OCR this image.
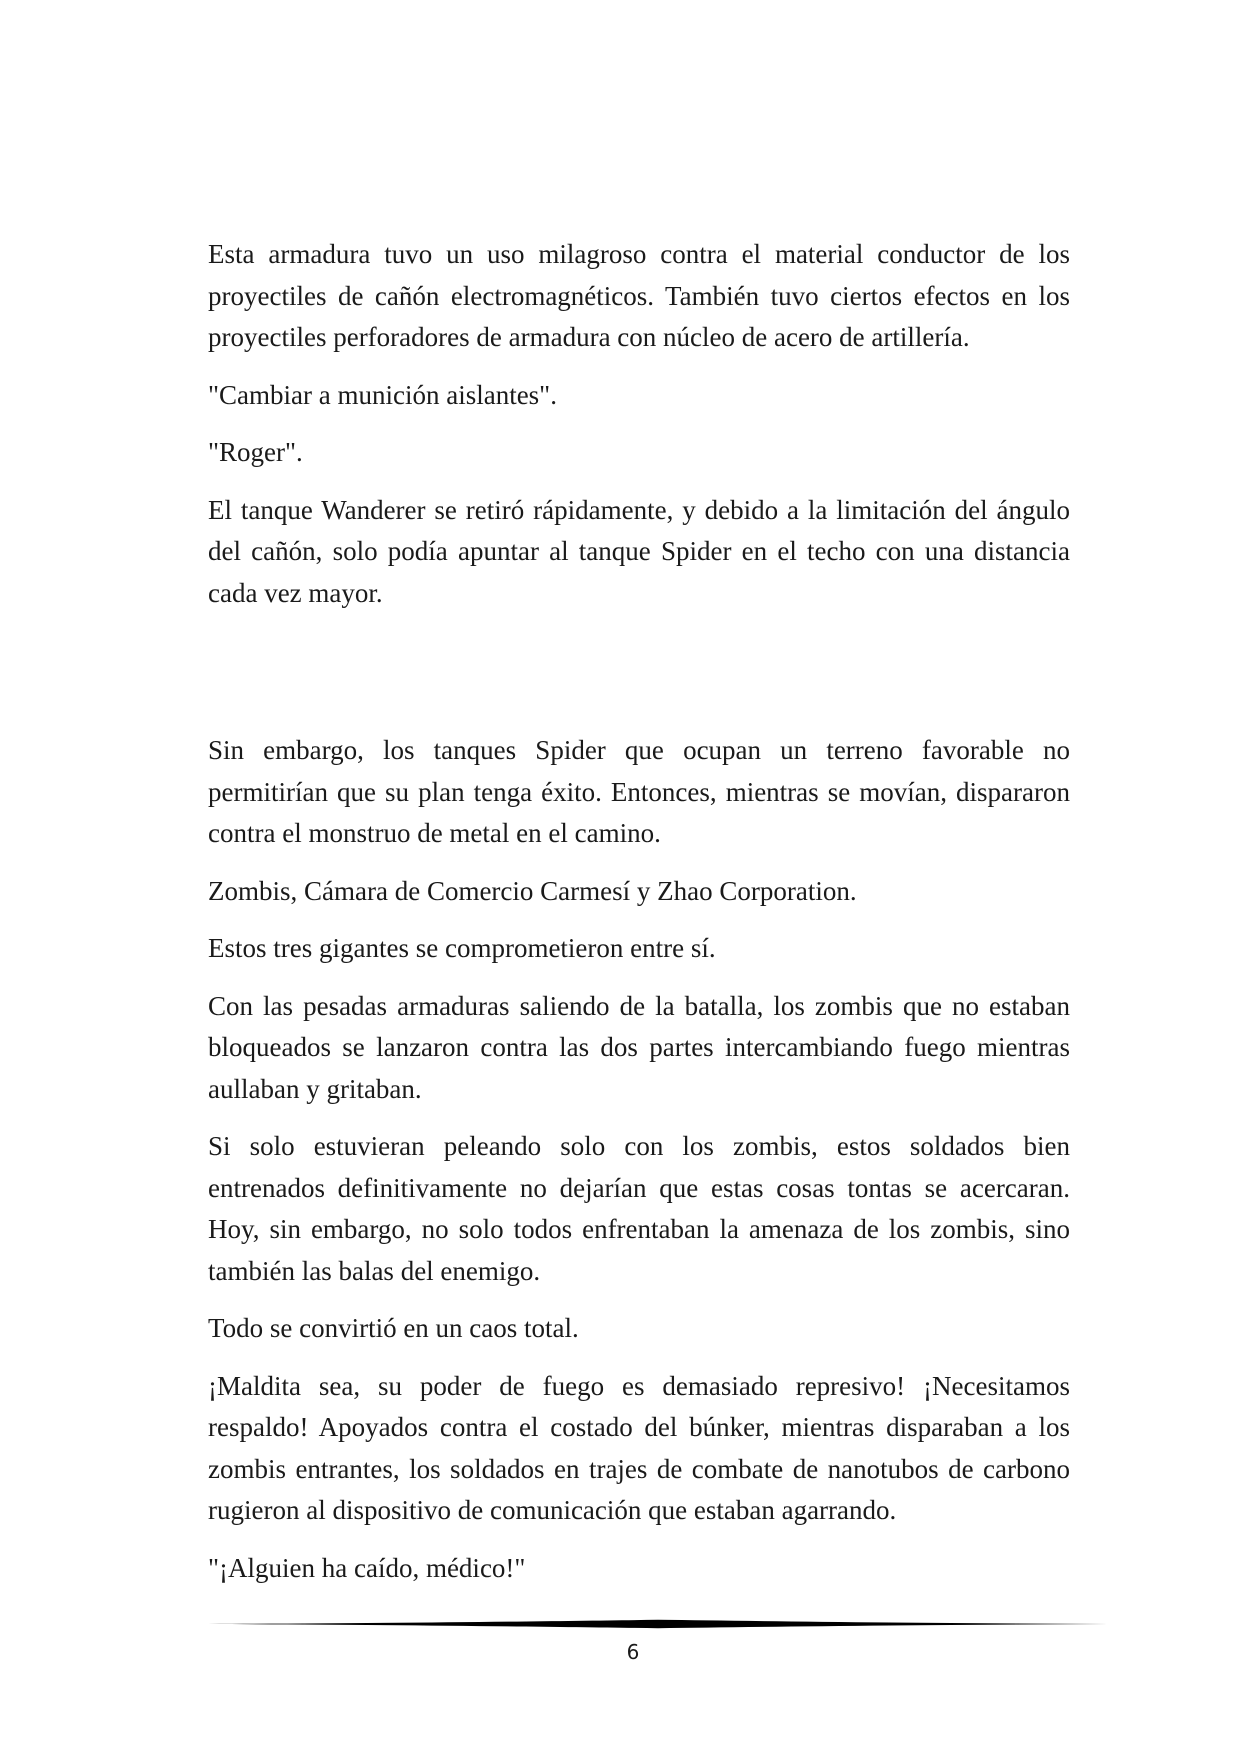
Esta armadura tuvo un uso milagroso contra el material conductor de los proyectiles de cañón electromagnéticos. También tuvo ciertos efectos en los proyectiles perforadores de armadura con núcleo de acero de artillería.

"Cambiar a munición aislantes".

"Roger".

El tanque Wanderer se retiró rápidamente, y debido a la limitación del ángulo del cañón, solo podía apuntar al tanque Spider en el techo con una distancia cada vez mayor.

Sin embargo, los tanques Spider que ocupan un terreno favorable no permitirían que su plan tenga éxito. Entonces, mientras se movían, dispararon contra el monstruo de metal en el camino.

Zombis, Cámara de Comercio Carmesí y Zhao Corporation.

Estos tres gigantes se comprometieron entre sí.

Con las pesadas armaduras saliendo de la batalla, los zombis que no estaban bloqueados se lanzaron contra las dos partes intercambiando fuego mientras aullaban y gritaban.

Si solo estuvieran peleando solo con los zombis, estos soldados bien entrenados definitivamente no dejarían que estas cosas tontas se acercaran. Hoy, sin embargo, no solo todos enfrentaban la amenaza de los zombis, sino también las balas del enemigo.

Todo se convirtió en un caos total.

¡Maldita sea, su poder de fuego es demasiado represivo! ¡Necesitamos respaldo! Apoyados contra el costado del búnker, mientras disparaban a los zombis entrantes, los soldados en trajes de combate de nanotubos de carbono rugieron al dispositivo de comunicación que estaban agarrando.

"¡Alguien ha caído, médico!"

6
